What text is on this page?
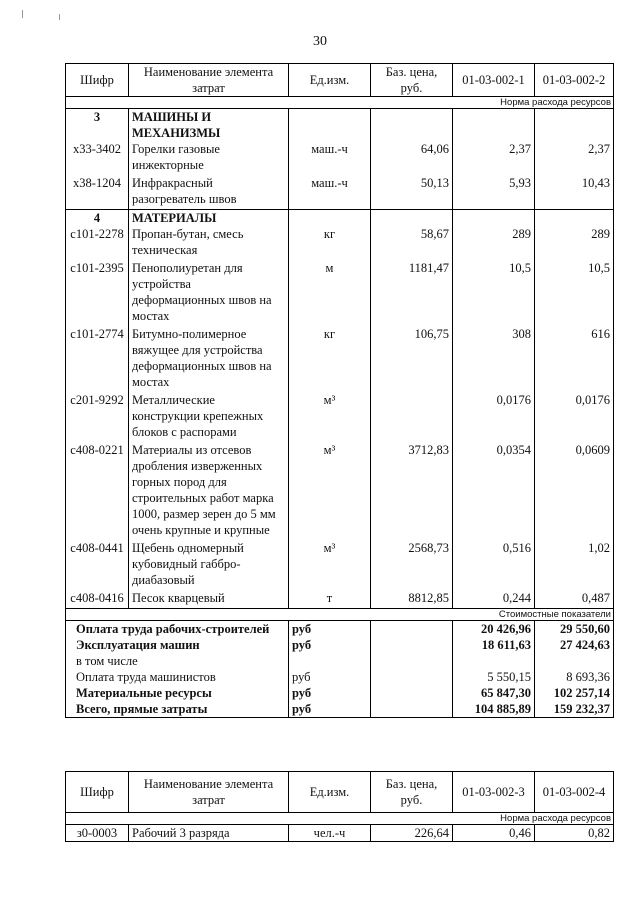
30
Шифр	Наименование элемента затрат	Ед.изм.	Баз. цена, руб.	01-03-002-1	01-03-002-2
Норма расхода ресурсов					
3	МАШИНЫ И МЕХАНИЗМЫ				
х33-3402	Горелки газовые инжекторные	маш.-ч	64,06	2,37	2,37
х38-1204	Инфракрасный разогреватель швов	маш.-ч	50,13	5,93	10,43
4	МАТЕРИАЛЫ				
с101-2278	Пропан-бутан, смесь техническая	кг	58,67	289	289
с101-2395	Пенополиуретан для устройства деформационных швов на мостах	м	1181,47	10,5	10,5
с101-2774	Битумно-полимерное вяжущее для устройства деформационных швов на мостах	кг	106,75	308	616
с201-9292	Металлические конструкции крепежных блоков с распорами	м³		0,0176	0,0176
с408-0221	Материалы из отсевов дробления изверженных горных пород для строительных работ марка 1000, размер зерен до 5 мм очень крупные и крупные	м³	3712,83	0,0354	0,0609
с408-0441	Щебень одномерный кубовидный габбро-диабазовый	м³	2568,73	0,516	1,02
с408-0416	Песок кварцевый	т	8812,85	0,244	0,487
Стоимостные показатели					
Оплата труда рабочих-строителей		руб		20 426,96	29 550,60
Эксплуатация машин		руб		18 611,63	27 424,63
в том числе					
Оплата труда машинистов		руб		5 550,15	8 693,36
Материальные ресурсы		руб		65 847,30	102 257,14
Всего, прямые затраты		руб		104 885,89	159 232,37
Шифр	Наименование элемента затрат	Ед.изм.	Баз. цена, руб.	01-03-002-3	01-03-002-4
Норма расхода ресурсов					
з0-0003	Рабочий 3 разряда	чел.-ч	226,64	0,46	0,82
